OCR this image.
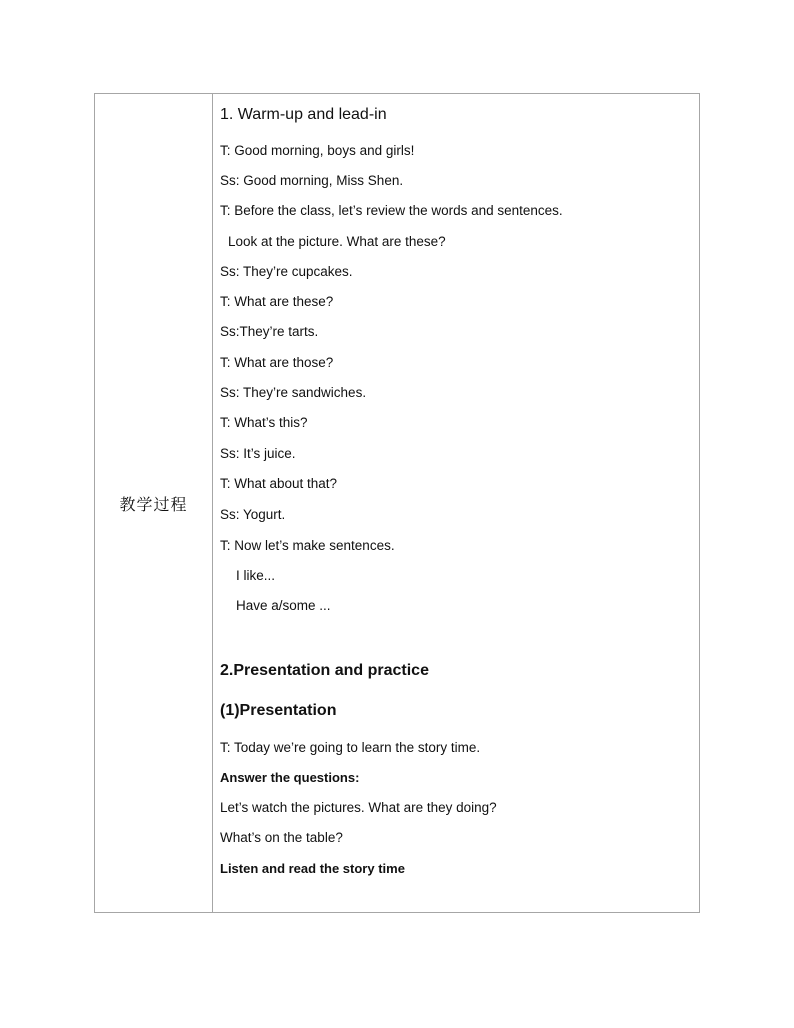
教学过程
1. Warm-up and lead-in
T: Good morning, boys and girls!
Ss: Good morning, Miss Shen.
T: Before the class, let’s review the words and sentences.
Look at the picture. What are these?
Ss: They’re cupcakes.
T: What are these?
Ss:They’re tarts.
T: What are those?
Ss: They’re sandwiches.
T: What’s this?
Ss: It’s juice.
T: What about that?
Ss: Yogurt.
T: Now let’s make sentences.
I like...
Have a/some ...
2.Presentation and practice
(1)Presentation
T: Today we’re going to learn the story time.
Answer the questions:
Let’s watch the pictures. What are they doing?
What’s on the table?
Listen and read the story time
